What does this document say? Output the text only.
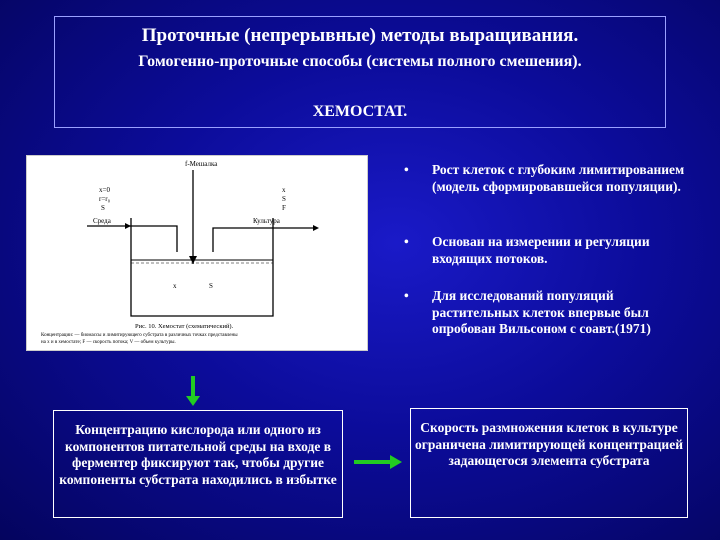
Проточные (непрерывные) методы выращивания.
Гомогенно-проточные способы (системы полного смешения).
ХЕМОСТАТ.
f-Мешалка
x=0
r=r₀
S
x
S
F
Среда	Культура
x	S
Рис. 10. Хемостат (схематический).
Концентрации: — биомассы и лимитирующего субстрата в различных точках представлены
на х и в хемостате; F — скорость потока; V — объем культуры.
• Рост клеток с глубоким лимитированием (модель сформировавшейся популяции).
• Основан на измерении и регуляции входящих потоков.
• Для исследований популяций растительных клеток впервые был опробован Вильсоном с соавт.(1971)
Концентрацию кислорода или одного из компонентов питательной среды на входе в ферментер фиксируют так, чтобы другие компоненты субстрата находились в избытке
Скорость размножения клеток в культуре ограничена лимитирующей концентрацией задающегося элемента субстрата
